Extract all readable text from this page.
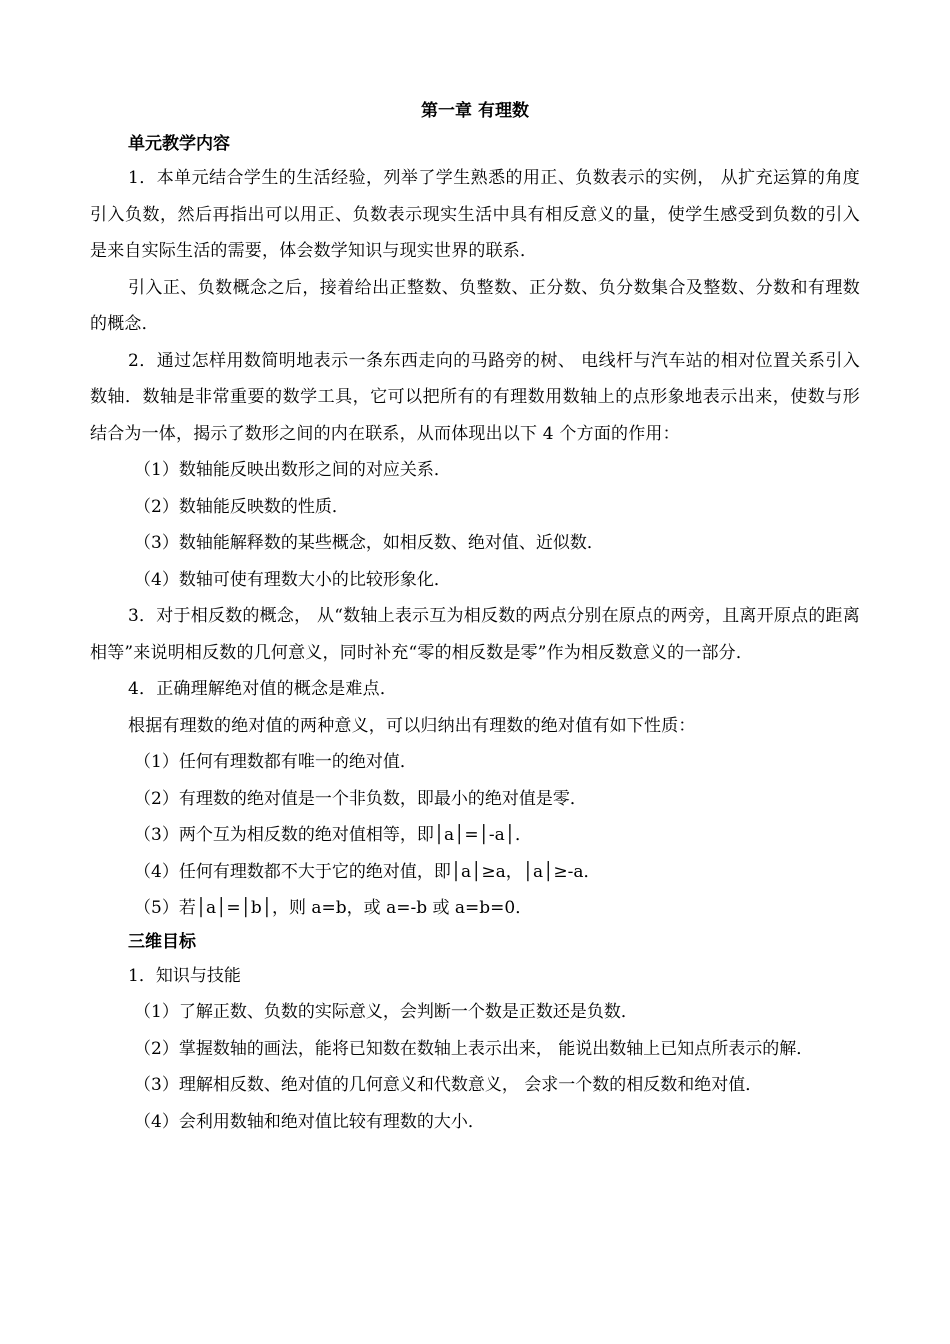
第一章 有理数
单元教学内容

1．本单元结合学生的生活经验，列举了学生熟悉的用正、负数表示的实例， 从扩充运算的角度引入负数，然后再指出可以用正、负数表示现实生活中具有相反意义的量，使学生感受到负数的引入是来自实际生活的需要，体会数学知识与现实世界的联系．

引入正、负数概念之后，接着给出正整数、负整数、正分数、负分数集合及整数、分数和有理数的概念．

2．通过怎样用数简明地表示一条东西走向的马路旁的树、 电线杆与汽车站的相对位置关系引入数轴．数轴是非常重要的数学工具，它可以把所有的有理数用数轴上的点形象地表示出来，使数与形结合为一体，揭示了数形之间的内在联系，从而体现出以下 4 个方面的作用：

（1）数轴能反映出数形之间的对应关系．

（2）数轴能反映数的性质．

（3）数轴能解释数的某些概念，如相反数、绝对值、近似数．

（4）数轴可使有理数大小的比较形象化．

3．对于相反数的概念， 从“数轴上表示互为相反数的两点分别在原点的两旁，且离开原点的距离相等”来说明相反数的几何意义，同时补充“零的相反数是零”作为相反数意义的一部分．

4．正确理解绝对值的概念是难点．

根据有理数的绝对值的两种意义，可以归纳出有理数的绝对值有如下性质：

（1）任何有理数都有唯一的绝对值．

（2）有理数的绝对值是一个非负数，即最小的绝对值是零．

（3）两个互为相反数的绝对值相等，即│a│=│-a│．

（4）任何有理数都不大于它的绝对值，即│a│≥a，│a│≥-a．

（5）若│a│=│b│，则 a=b，或 a=-b 或 a=b=0．

三维目标

1．知识与技能

（1）了解正数、负数的实际意义，会判断一个数是正数还是负数．

（2）掌握数轴的画法，能将已知数在数轴上表示出来， 能说出数轴上已知点所表示的解．

（3）理解相反数、绝对值的几何意义和代数意义， 会求一个数的相反数和绝对值．

（4）会利用数轴和绝对值比较有理数的大小．
